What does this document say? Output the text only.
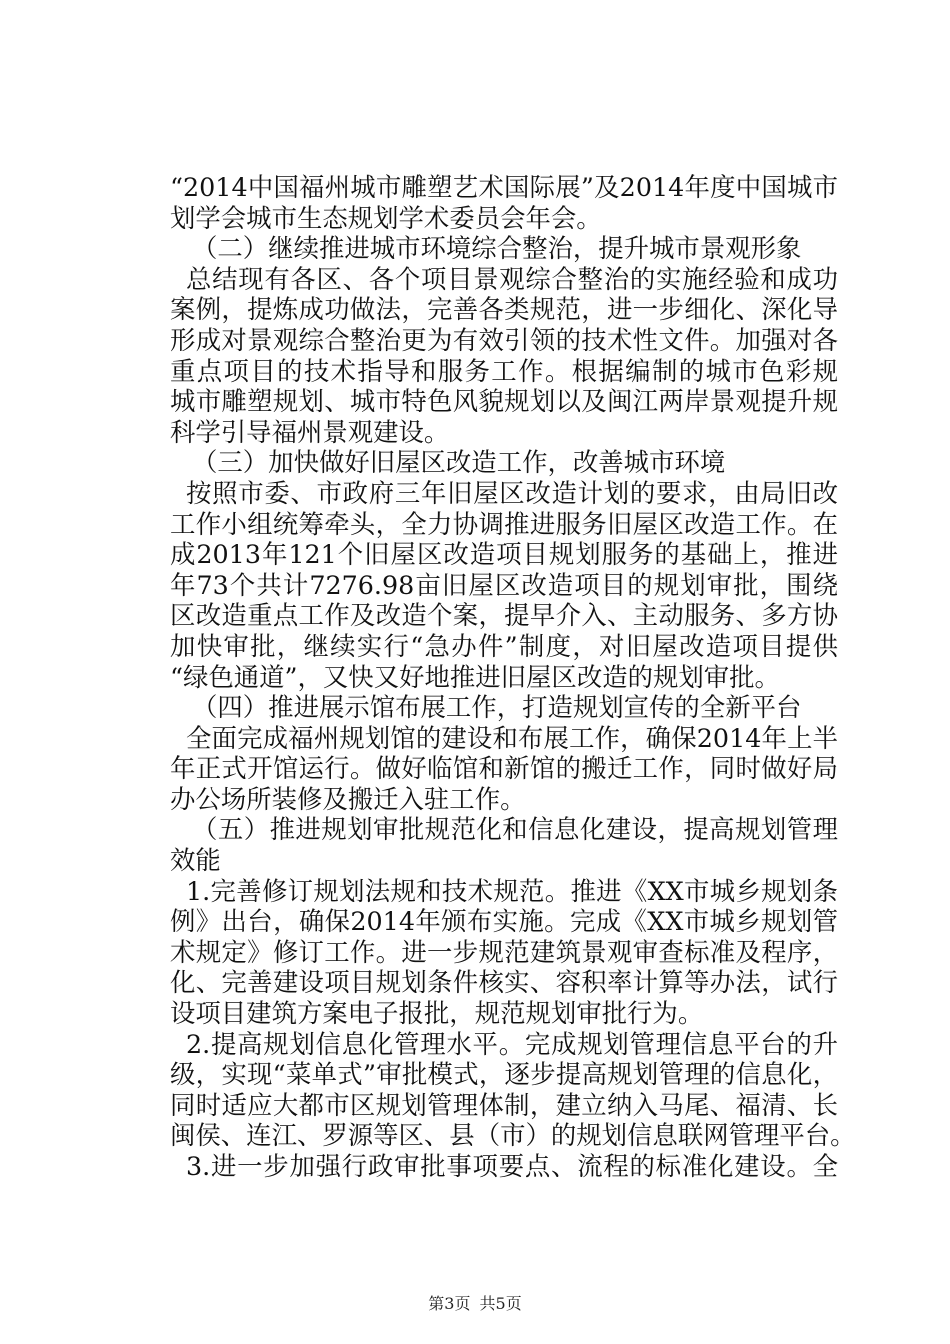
“2014中国福州城市雕塑艺术国际展”及2014年度中国城市
划学会城市生态规划学术委员会年会。
（二）继续推进城市环境综合整治，提升城市景观形象
总结现有各区、各个项目景观综合整治的实施经验和成功
案例，提炼成功做法，完善各类规范，进一步细化、深化导
形成对景观综合整治更为有效引领的技术性文件。加强对各
重点项目的技术指导和服务工作。根据编制的城市色彩规
城市雕塑规划、城市特色风貌规划以及闽江两岸景观提升规
科学引导福州景观建设。
（三）加快做好旧屋区改造工作，改善城市环境
按照市委、市政府三年旧屋区改造计划的要求，由局旧改
工作小组统筹牵头，全力协调推进服务旧屋区改造工作。在
成2013年121个旧屋区改造项目规划服务的基础上，推进
年73个共计7276.98亩旧屋区改造项目的规划审批，围绕
区改造重点工作及改造个案，提早介入、主动服务、多方协
加快审批，继续实行“急办件”制度，对旧屋改造项目提供
“绿色通道”，又快又好地推进旧屋区改造的规划审批。
（四）推进展示馆布展工作，打造规划宣传的全新平台
全面完成福州规划馆的建设和布展工作，确保2014年上半
年正式开馆运行。做好临馆和新馆的搬迁工作，同时做好局
办公场所装修及搬迁入驻工作。
（五）推进规划审批规范化和信息化建设，提高规划管理
效能
1.完善修订规划法规和技术规范。推进《XX市城乡规划条
例》出台，确保2014年颁布实施。完成《XX市城乡规划管
术规定》修订工作。进一步规范建筑景观审查标准及程序，
化、完善建设项目规划条件核实、容积率计算等办法，试行
设项目建筑方案电子报批，规范规划审批行为。
2.提高规划信息化管理水平。完成规划管理信息平台的升
级，实现“菜单式”审批模式，逐步提高规划管理的信息化，
同时适应大都市区规划管理体制，建立纳入马尾、福清、长
闽侯、连江、罗源等区、县（市）的规划信息联网管理平台。
3.进一步加强行政审批事项要点、流程的标准化建设。全
第3页 共5页
